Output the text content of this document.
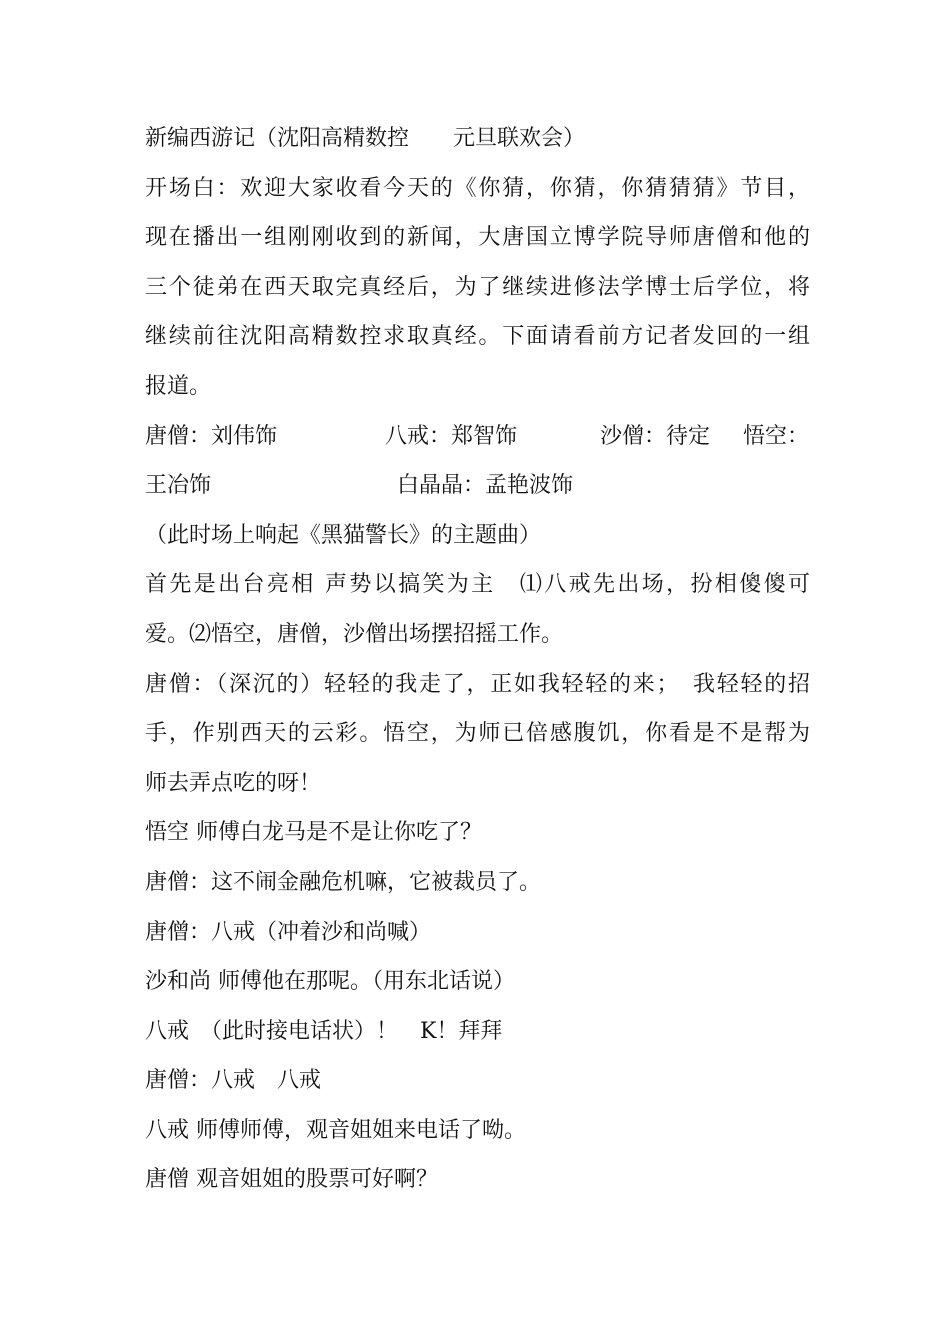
新编西游记（沈阳高精数控　　元旦联欢会）
开场白：欢迎大家收看今天的《你猜，你猜，你猜猜猜》节目，
现在播出一组刚刚收到的新闻，大唐国立博学院导师唐僧和他的
三个徒弟在西天取完真经后，为了继续进修法学博士后学位，将
继续前往沈阳高精数控求取真经。下面请看前方记者发回的一组
报道。
唐僧：刘伟饰	八戒：郑智饰	沙僧：待定 悟空：
王冶饰	白晶晶：孟艳波饰
（此时场上响起《黑猫警长》的主题曲）
首先是出台亮相 声势以搞笑为主　⑴八戒先出场，扮相傻傻可
爱。⑵悟空，唐僧，沙僧出场摆招摇工作。
唐僧：（深沉的）轻轻的我走了，正如我轻轻的来；　我轻轻的招
手，作别西天的云彩。悟空，为师已倍感腹饥，你看是不是帮为
师去弄点吃的呀！
悟空 师傅白龙马是不是让你吃了？
唐僧：这不闹金融危机嘛，它被裁员了。
唐僧：八戒（冲着沙和尚喊）
沙和尚 师傅他在那呢。（用东北话说）
八戒　（此时接电话状）！　K！拜拜
唐僧：八戒　八戒
八戒 师傅师傅，观音姐姐来电话了呦。
唐僧 观音姐姐的股票可好啊？
